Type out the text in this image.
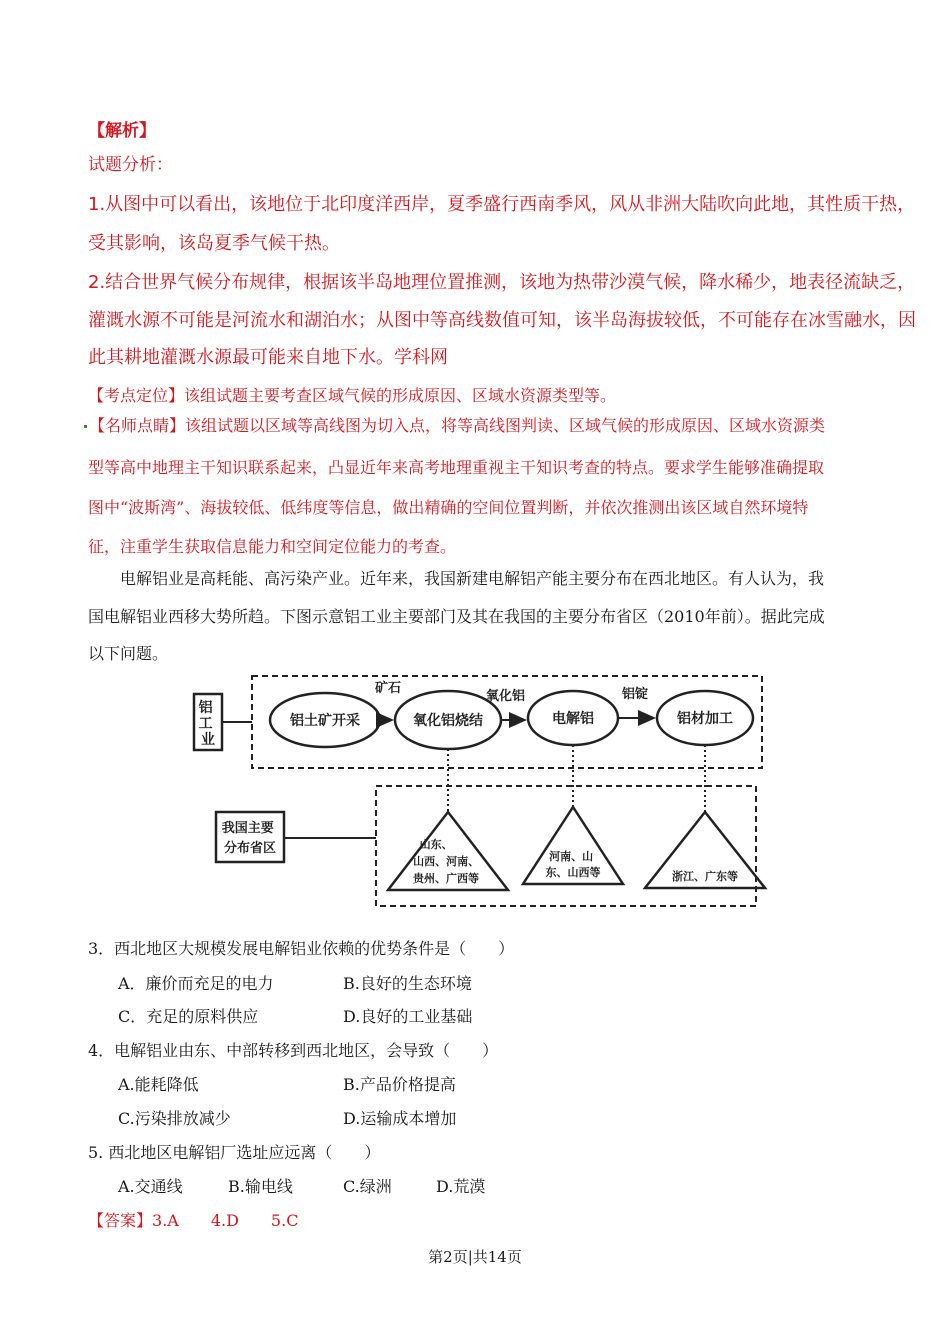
【解析】
试题分析：
1.从图中可以看出，该地位于北印度洋西岸，夏季盛行西南季风，风从非洲大陆吹向此地，其性质干热，
受其影响，该岛夏季气候干热。
2.结合世界气候分布规律，根据该半岛地理位置推测，该地为热带沙漠气候，降水稀少，地表径流缺乏，
灌溉水源不可能是河流水和湖泊水；从图中等高线数值可知，该半岛海拔较低，不可能存在冰雪融水，因
此其耕地灌溉水源最可能来自地下水。学科网
【考点定位】该组试题主要考查区域气候的形成原因、区域水资源类型等。
【名师点睛】该组试题以区域等高线图为切入点，将等高线图判读、区域气候的形成原因、区域水资源类
型等高中地理主干知识联系起来，凸显近年来高考地理重视主干知识考查的特点。要求学生能够准确提取
图中“波斯湾”、海拔较低、低纬度等信息，做出精确的空间位置判断，并依次推测出该区域自然环境特
征，注重学生获取信息能力和空间定位能力的考查。
电解铝业是高耗能、高污染产业。近年来，我国新建电解铝产能主要分布在西北地区。有人认为，我
国电解铝业西移大势所趋。下图示意铝工业主要部门及其在我国的主要分布省区（2010年前）。据此完成
以下问题。
铝 工 业
铝土矿开采	氧化铝烧结	电解铝	铝材加工
矿石
氧化铝	铝锭
我国主要 分布省区	山东、 山西、河南、 贵州、广西等
河南、山 东、山西等	浙江、广东等
3．西北地区大规模发展电解铝业依赖的优势条件是（　　）
A．廉价而充足的电力	B.良好的生态环境
C．充足的原料供应	D.良好的工业基础
4．电解铝业由东、中部转移到西北地区，会导致（　　）
A.能耗降低	B.产品价格提高
C.污染排放减少	D.运输成本增加
5. 西北地区电解铝厂选址应远离（　　）
A.交通线	B.输电线	C.绿洲	D.荒漠
【答案】3.A　　4.D　　5.C
第2页|共14页
